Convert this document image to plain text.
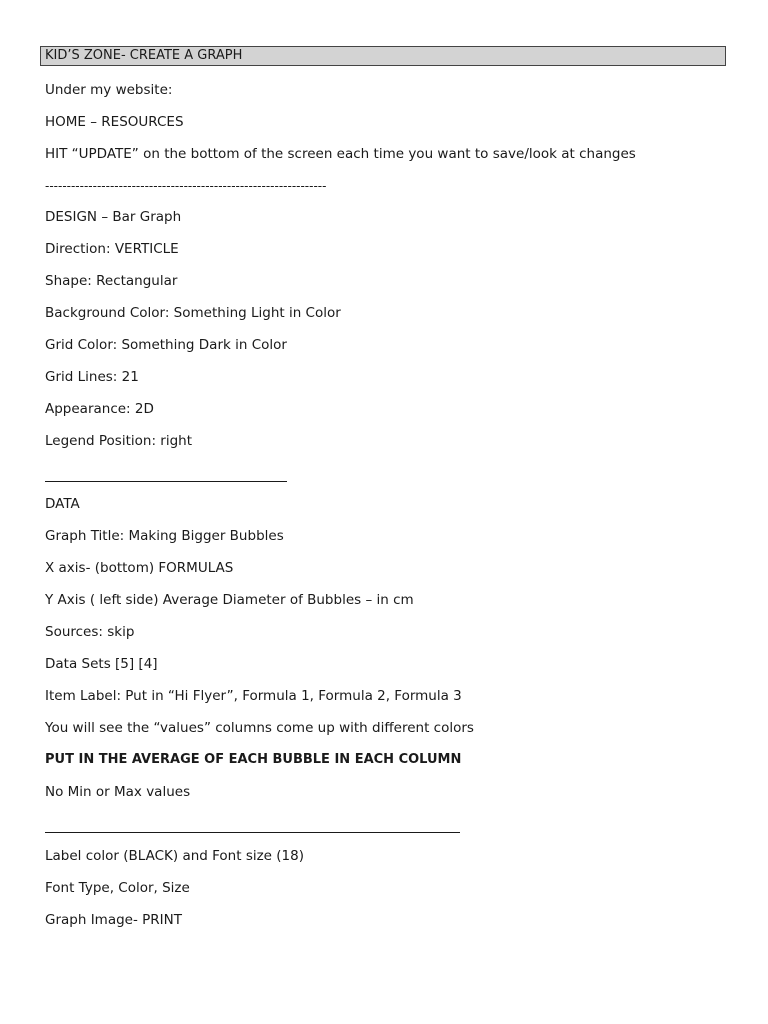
KID’S ZONE- CREATE A GRAPH
Under my website:
HOME – RESOURCES
HIT “UPDATE” on the bottom of the screen each time you want to save/look at changes
-----------------------------------------------------------------
DESIGN – Bar Graph
Direction: VERTICLE
Shape: Rectangular
Background Color: Something Light in Color
Grid Color: Something Dark in Color
Grid Lines: 21
Appearance: 2D
Legend Position: right
DATA
Graph Title: Making Bigger Bubbles
X axis- (bottom) FORMULAS
Y Axis ( left side) Average Diameter of Bubbles – in cm
Sources: skip
Data Sets [5] [4]
Item Label: Put in “Hi Flyer”, Formula 1, Formula 2, Formula 3
You will see the “values” columns come up with different colors
PUT IN THE AVERAGE OF EACH BUBBLE IN EACH COLUMN
No Min or Max values
Label color (BLACK) and Font size (18)
Font Type, Color, Size
Graph Image- PRINT
